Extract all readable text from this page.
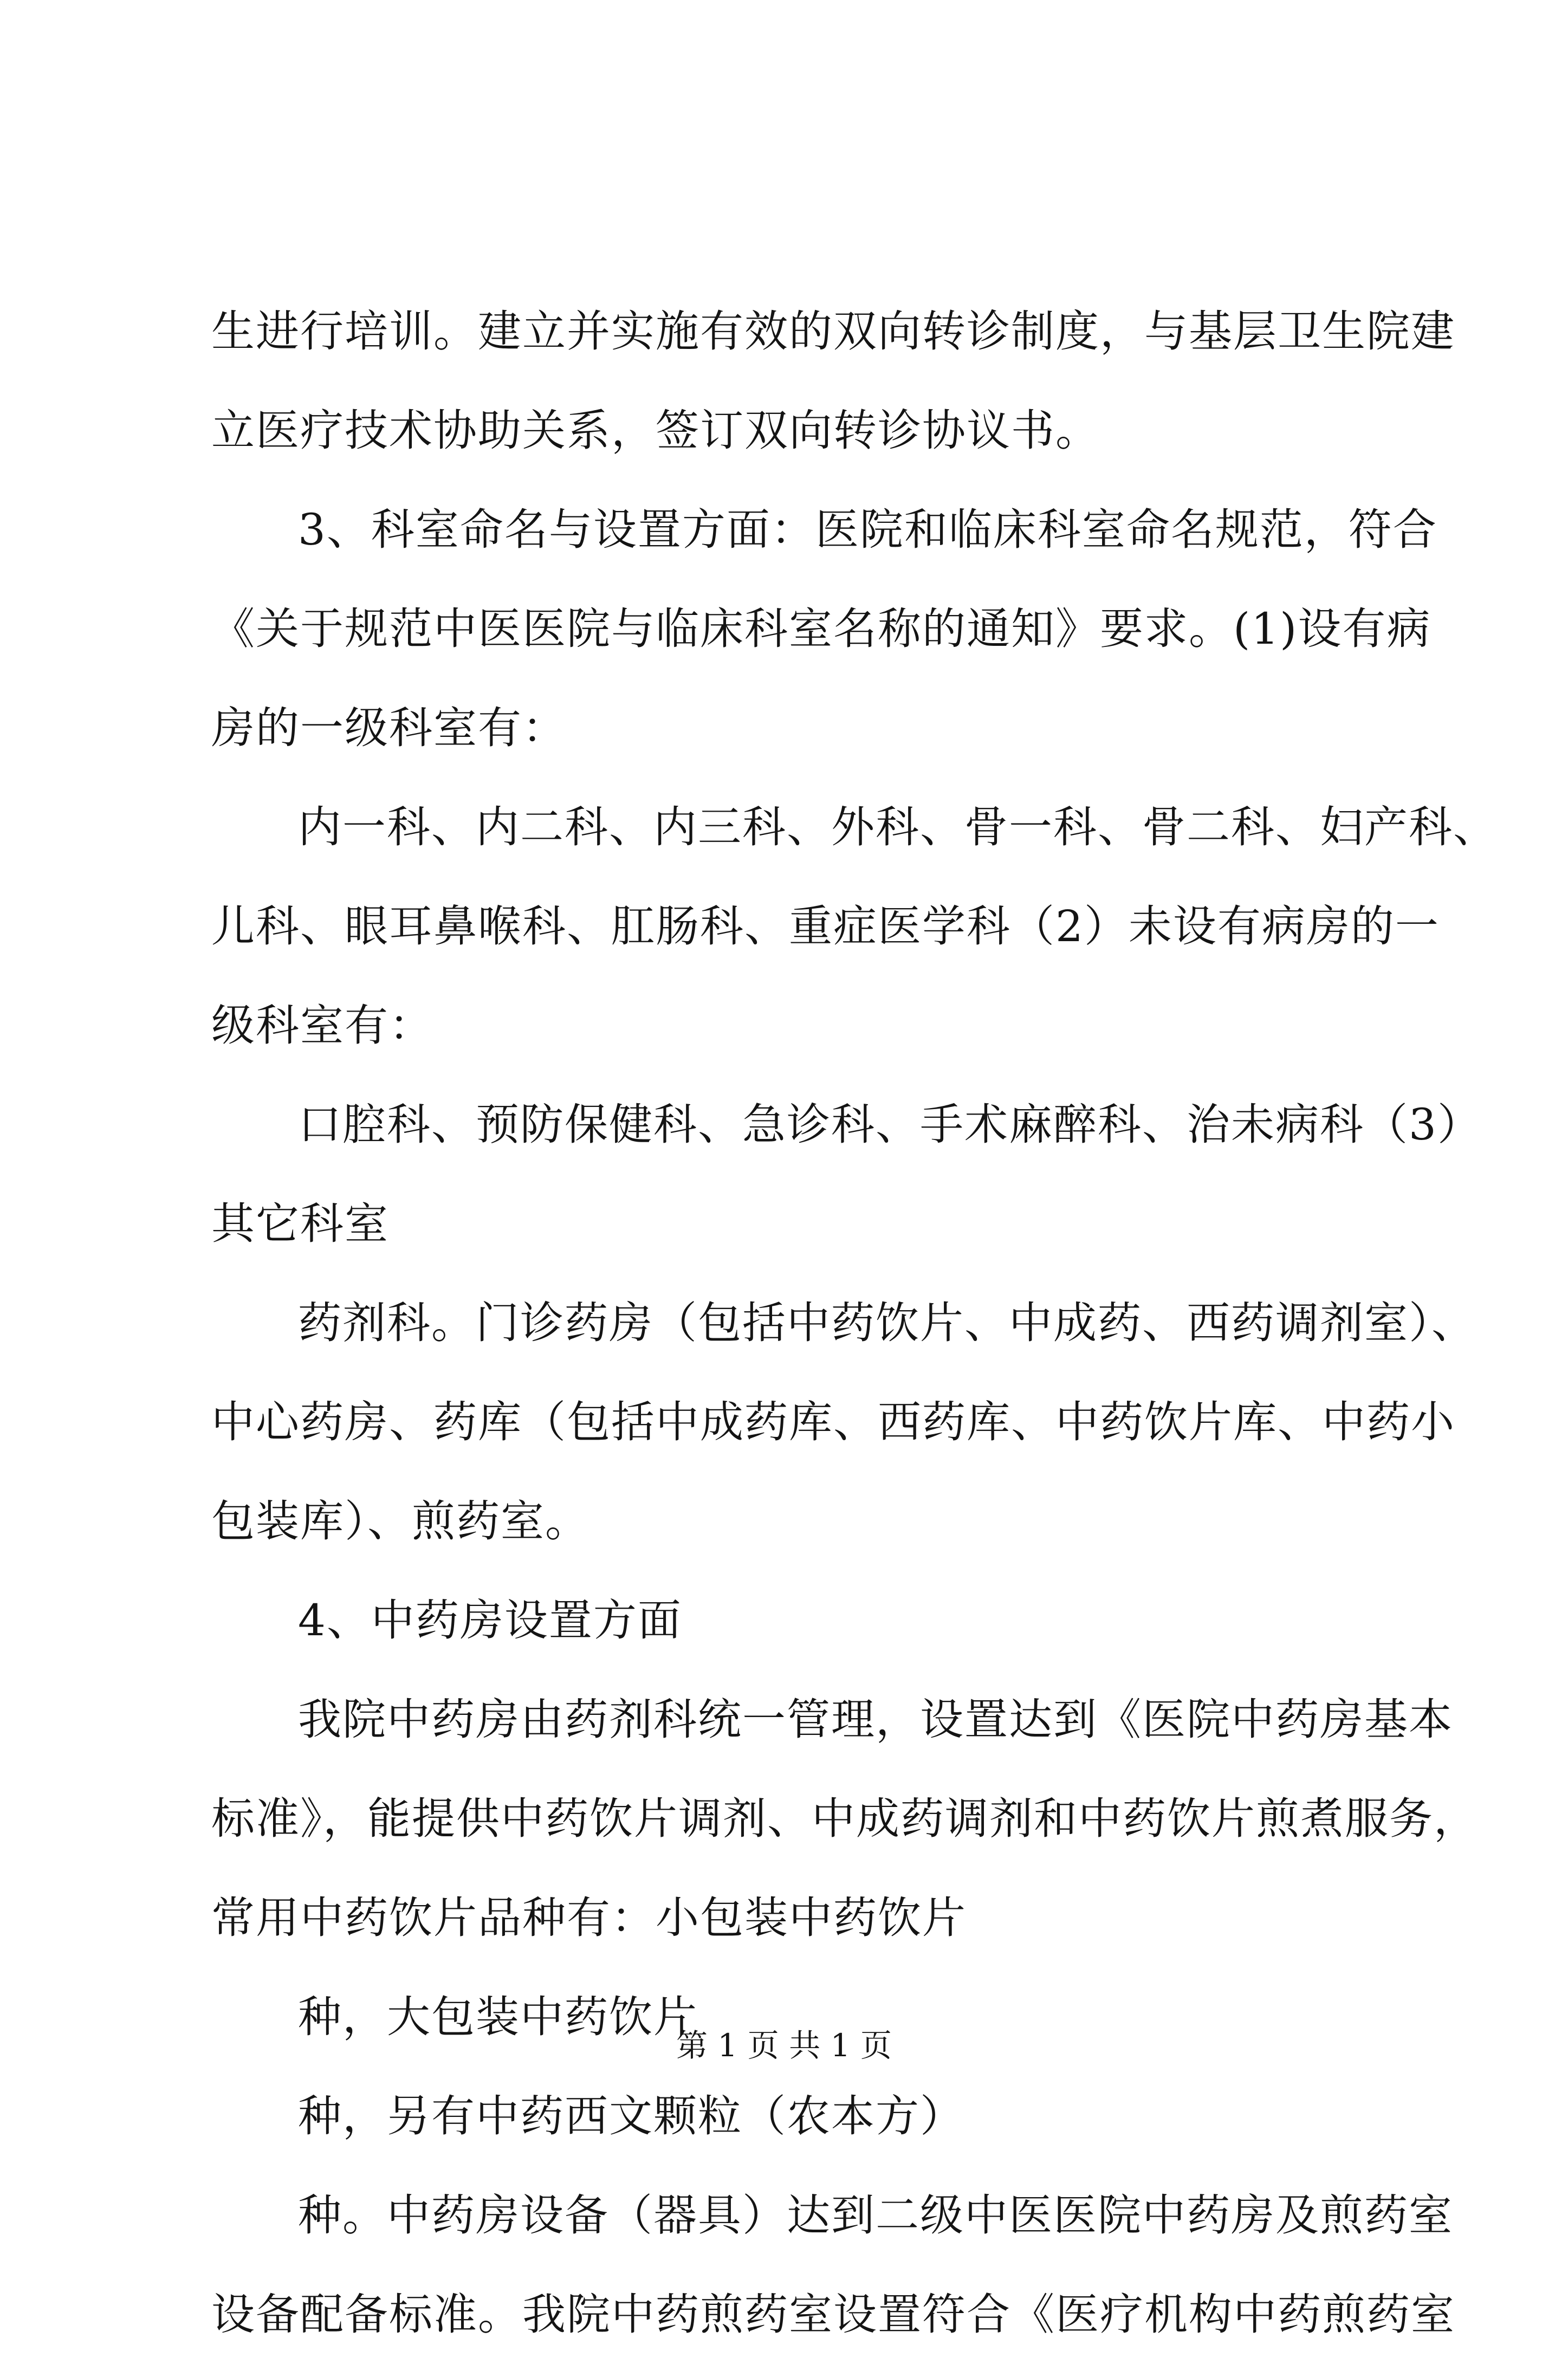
生进行培训。建立并实施有效的双向转诊制度，与基层卫生院建
立医疗技术协助关系，签订双向转诊协议书。
3、科室命名与设置方面：医院和临床科室命名规范，符合
《关于规范中医医院与临床科室名称的通知》要求。(1)设有病
房的一级科室有：
内一科、内二科、内三科、外科、骨一科、骨二科、妇产科、
儿科、眼耳鼻喉科、肛肠科、重症医学科（2）未设有病房的一
级科室有：
口腔科、预防保健科、急诊科、手术麻醉科、治未病科（3）
其它科室
药剂科。门诊药房（包括中药饮片、中成药、西药调剂室）、
中心药房、药库（包括中成药库、西药库、中药饮片库、中药小
包装库）、煎药室。
4、中药房设置方面
我院中药房由药剂科统一管理，设置达到《医院中药房基本
标准》，能提供中药饮片调剂、中成药调剂和中药饮片煎煮服务，
常用中药饮片品种有：小包装中药饮片
种，大包装中药饮片
种，另有中药西文颗粒（农本方）
种。中药房设备（器具）达到二级中医医院中药房及煎药室
设备配备标准。我院中药煎药室设置符合《医疗机构中药煎药室
第 1 页 共 1 页
